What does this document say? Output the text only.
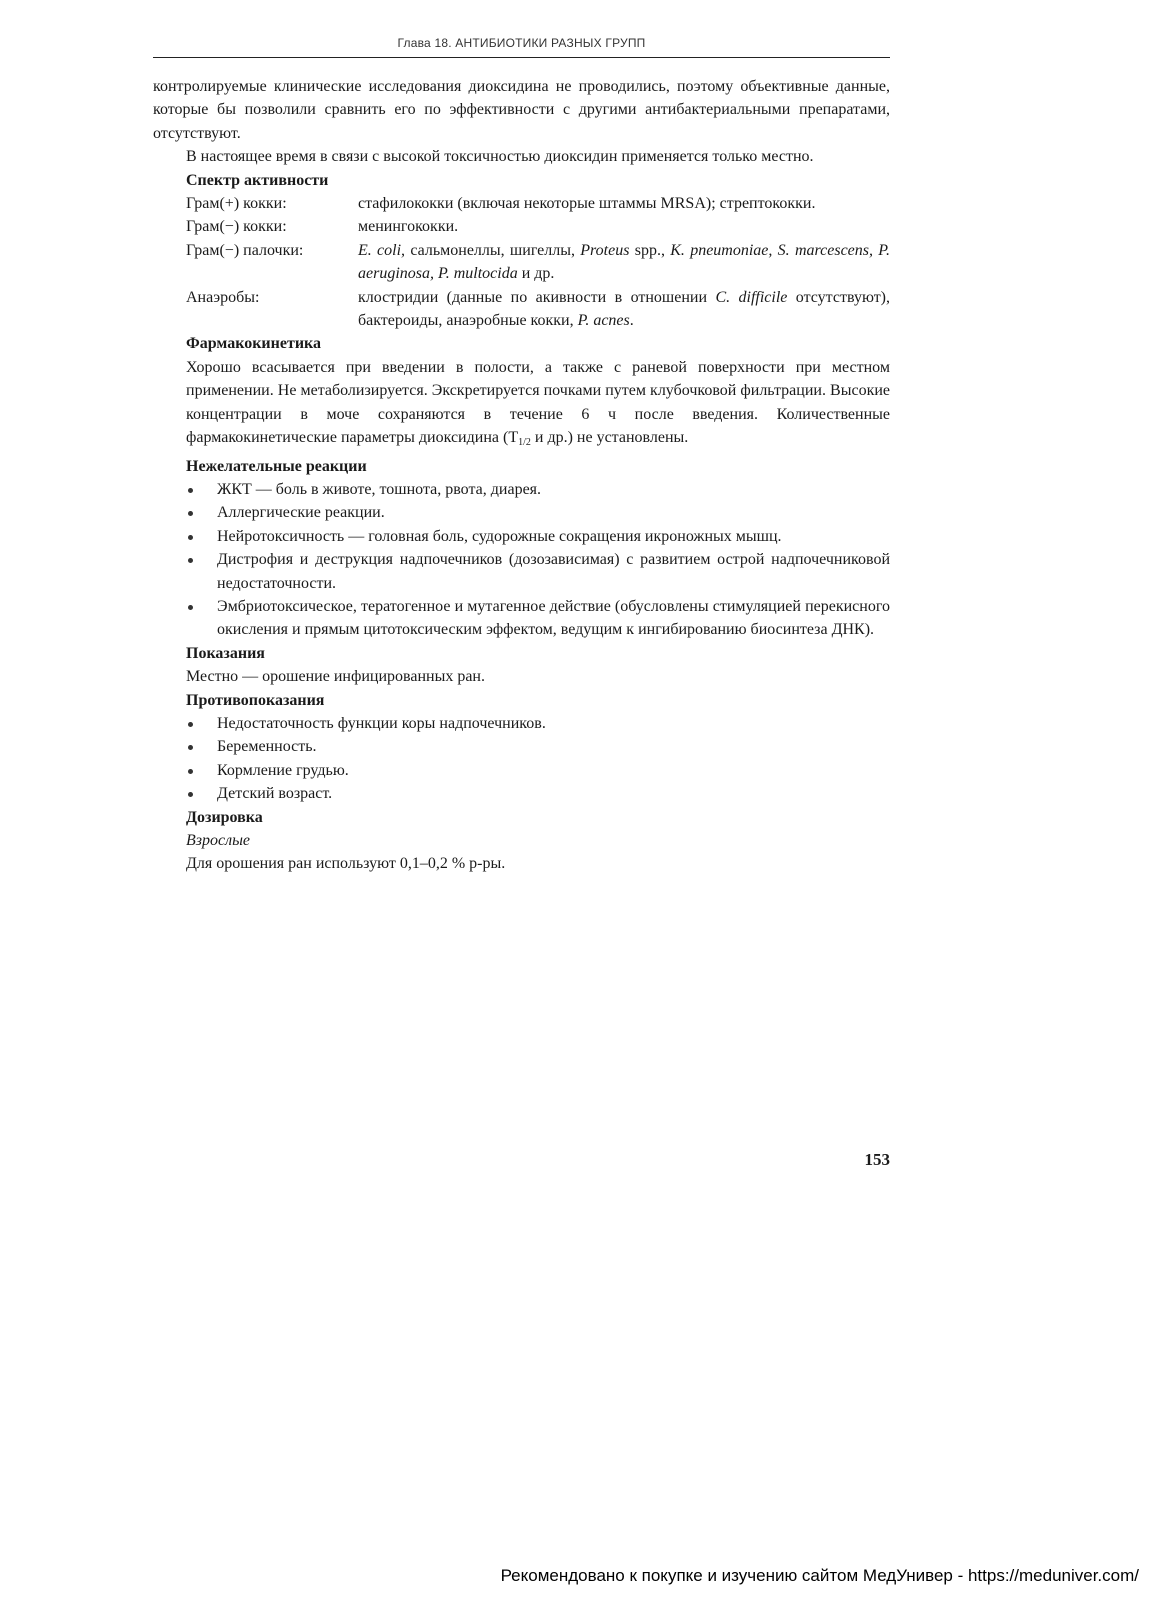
Глава 18. АНТИБИОТИКИ РАЗНЫХ ГРУПП

контролируемые клинические исследования диоксидина не проводились, поэтому объективные данные, которые бы позволили сравнить его по эффективности с другими антибактериальными препаратами, отсутствуют.

В настоящее время в связи с высокой токсичностью диоксидин применяется только местно.

Спектр активности
Грам(+) кокки:	стафилококки (включая некоторые штаммы MRSA); стрептококки.
Грам(−) кокки:	менингококки.
Грам(−) палочки:	E. coli, сальмонеллы, шигеллы, Proteus spp., K. pneumoniae, S. marcescens, P. aeruginosa, P. multocida и др.
Анаэробы:	клостридии (данные по акивности в отношении C. difficile отсутствуют), бактероиды, анаэробные кокки, P. acnes.
Фармакокинетика

Хорошо всасывается при введении в полости, а также с раневой поверхности при местном применении. Не метаболизируется. Экскретируется почками путем клубочковой фильтрации. Высокие концентрации в моче сохраняются в течение 6 ч после введения. Количественные фармакокинетические параметры диоксидина ($T_{1/2}$ и др.) не установлены.

Нежелательные реакции
ЖКТ — боль в животе, тошнота, рвота, диарея.
Аллергические реакции.
Нейротоксичность — головная боль, судорожные сокращения икроножных мышц.
Дистрофия и деструкция надпочечников (дозозависимая) с развитием острой надпочечниковой недостаточности.
Эмбриотоксическое, тератогенное и мутагенное действие (обусловлены стимуляцией перекисного окисления и прямым цитотоксическим эффектом, ведущим к ингибированию биосинтеза ДНК).
Показания

Местно — орошение инфицированных ран.

Противопоказания
Недостаточность функции коры надпочечников.
Беременность.
Кормление грудью.
Детский возраст.
Дозировка
Взрослые

Для орошения ран используют 0,1–0,2 % р-ры.

153
Рекомендовано к покупке и изучению сайтом МедУнивер - https://meduniver.com/
